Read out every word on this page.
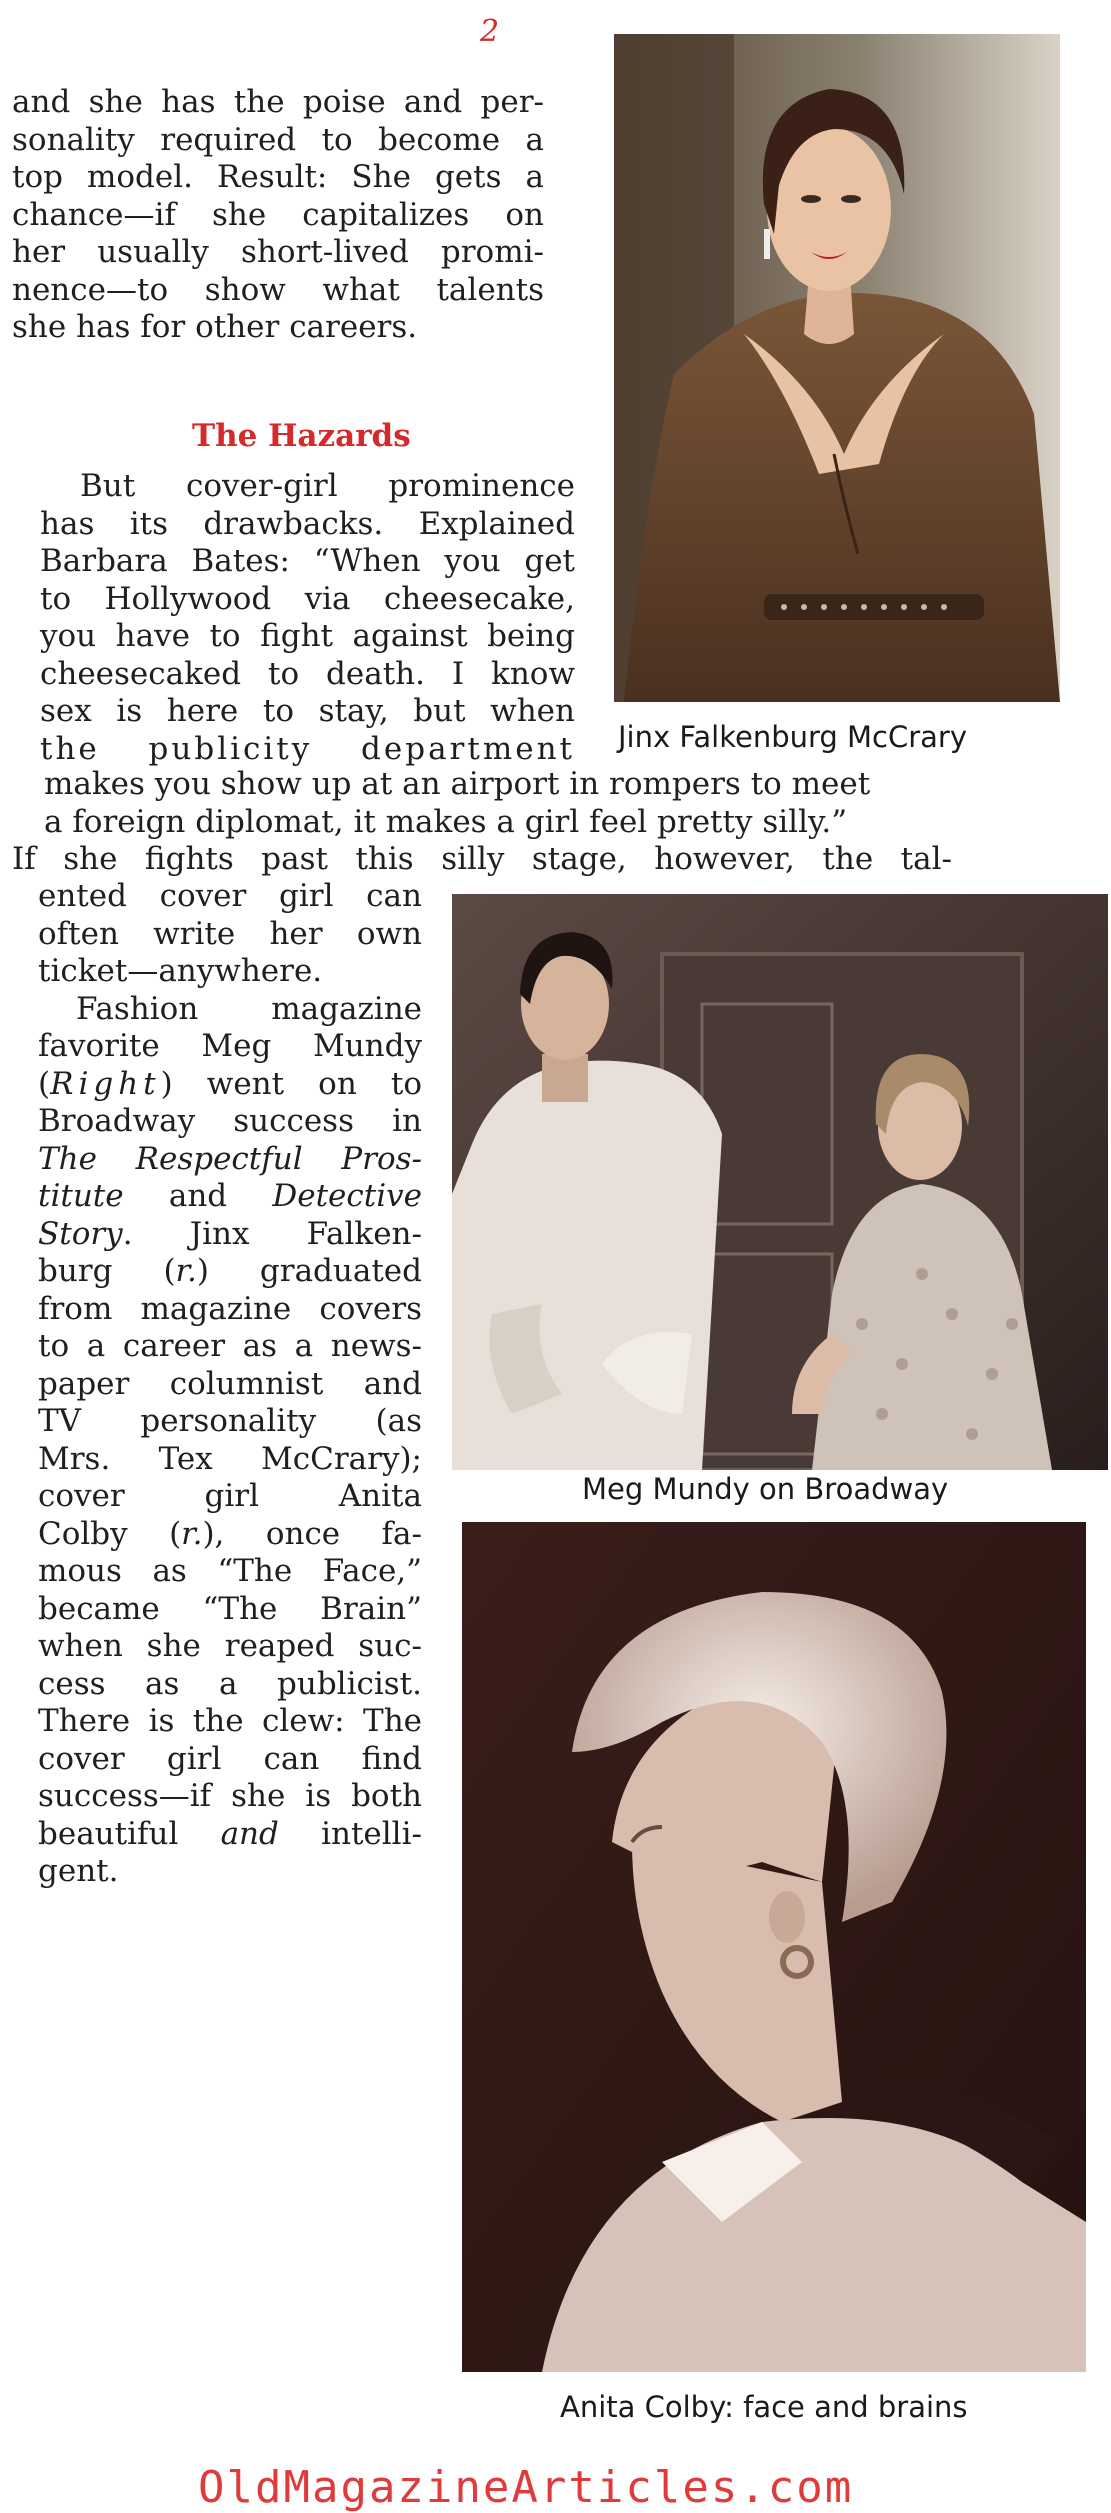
2

and she has the poise and per-

sonality required to become a

top model. Result: She gets a

chance—if she capitalizes on

her usually short-lived promi-

nence—to show what talents

she has for other careers.

The Hazards

But cover-girl prominence

has its drawbacks. Explained

Barbara Bates: “When you get

to Hollywood via cheesecake,

you have to fight against being

cheesecaked to death. I know

sex is here to stay, but when

the publicity department

makes you show up at an airport in rompers to meet

a foreign diplomat, it makes a girl feel pretty silly.”

If she fights past this silly stage, however, the tal-

ented cover girl can

often write her own

ticket—anywhere.

Fashion magazine

favorite Meg Mundy

(Right) went on to

Broadway success in

The Respectful Pros-

titute and Detective

Story. Jinx Falken-

burg (r.) graduated

from magazine covers

to a career as a news-

paper columnist and

TV personality (as

Mrs. Tex McCrary);

cover girl Anita

Colby (r.), once fa-

mous as “The Face,”

became “The Brain”

when she reaped suc-

cess as a publicist.

There is the clew: The

cover girl can find

success—if she is both

beautiful and intelli-

gent.

Jinx Falkenburg McCrary
Meg Mundy on Broadway
Anita Colby: face and brains
OldMagazineArticles.com
